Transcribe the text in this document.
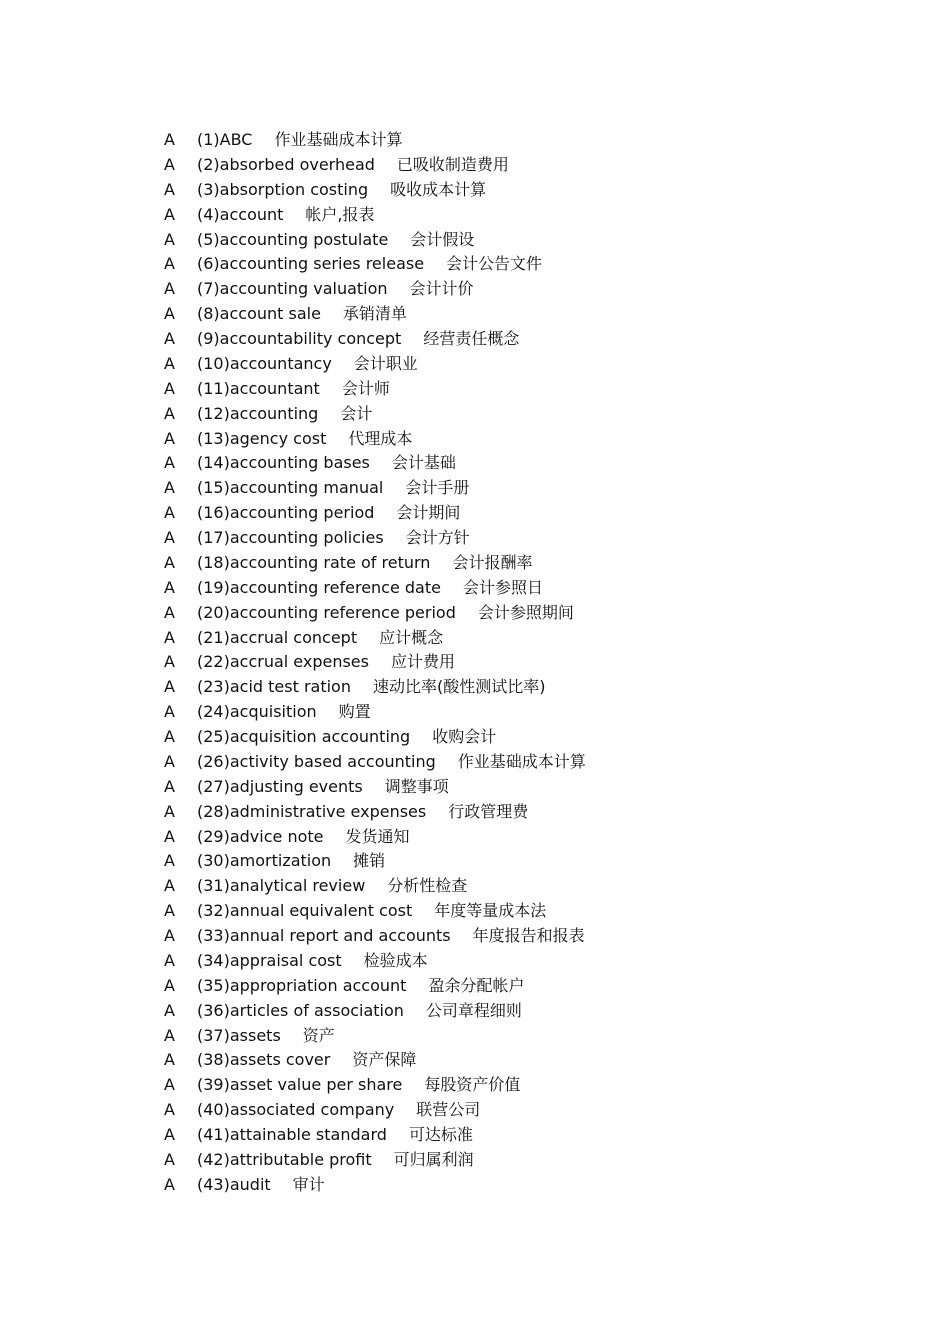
A (1)ABC 作业基础成本计算
A (2)absorbed overhead 已吸收制造费用
A (3)absorption costing 吸收成本计算
A (4)account 帐户,报表
A (5)accounting postulate 会计假设
A (6)accounting series release 会计公告文件
A (7)accounting valuation 会计计价
A (8)account sale 承销清单
A (9)accountability concept 经营责任概念
A (10)accountancy 会计职业
A (11)accountant 会计师
A (12)accounting 会计
A (13)agency cost 代理成本
A (14)accounting bases 会计基础
A (15)accounting manual 会计手册
A (16)accounting period 会计期间
A (17)accounting policies 会计方针
A (18)accounting rate of return 会计报酬率
A (19)accounting reference date 会计参照日
A (20)accounting reference period 会计参照期间
A (21)accrual concept 应计概念
A (22)accrual expenses 应计费用
A (23)acid test ration 速动比率(酸性测试比率)
A (24)acquisition 购置
A (25)acquisition accounting 收购会计
A (26)activity based accounting 作业基础成本计算
A (27)adjusting events 调整事项
A (28)administrative expenses 行政管理费
A (29)advice note 发货通知
A (30)amortization 摊销
A (31)analytical review 分析性检查
A (32)annual equivalent cost 年度等量成本法
A (33)annual report and accounts 年度报告和报表
A (34)appraisal cost 检验成本
A (35)appropriation account 盈余分配帐户
A (36)articles of association 公司章程细则
A (37)assets 资产
A (38)assets cover 资产保障
A (39)asset value per share 每股资产价值
A (40)associated company 联营公司
A (41)attainable standard 可达标准
A (42)attributable profit 可归属利润
A (43)audit 审计
